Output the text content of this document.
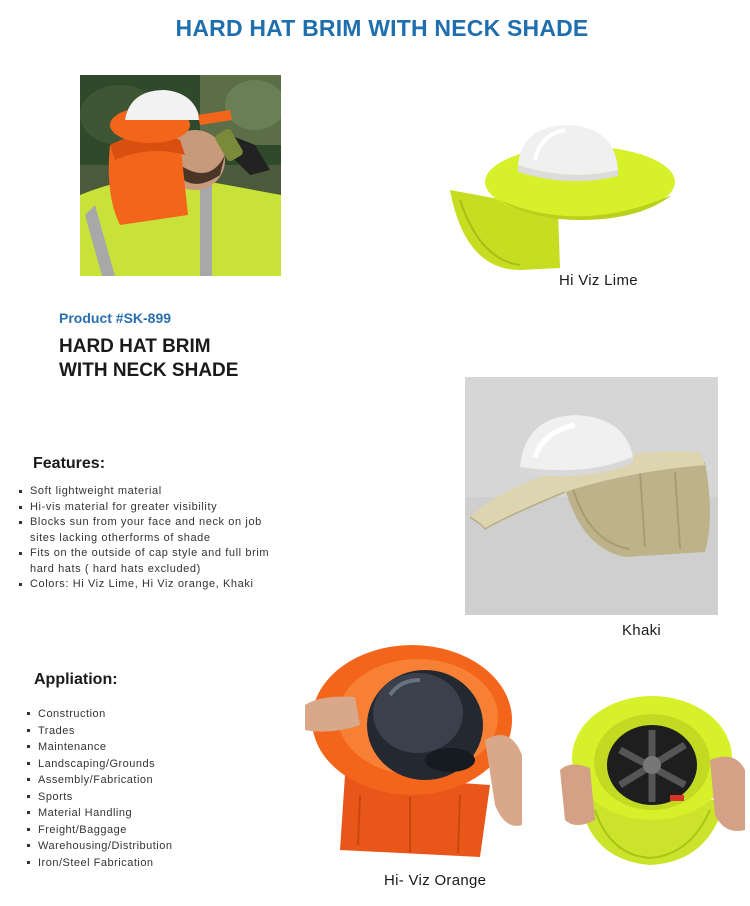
HARD HAT BRIM WITH NECK SHADE
Hi Viz Lime
Product #SK-899
HARD HAT BRIM
WITH NECK SHADE
Khaki
Features:
Soft lightweight material
Hi-vis material for greater visibility
Blocks sun from your face and neck on job sites lacking otherforms of shade
Fits on the outside of cap style and full brim hard hats ( hard hats excluded)
Colors: Hi Viz Lime, Hi Viz orange, Khaki
Appliation:
Construction
Trades
Maintenance
Landscaping/Grounds
Assembly/Fabrication
Sports
Material Handling
Freight/Baggage
Warehousing/Distribution
Iron/Steel Fabrication
Hi- Viz Orange
